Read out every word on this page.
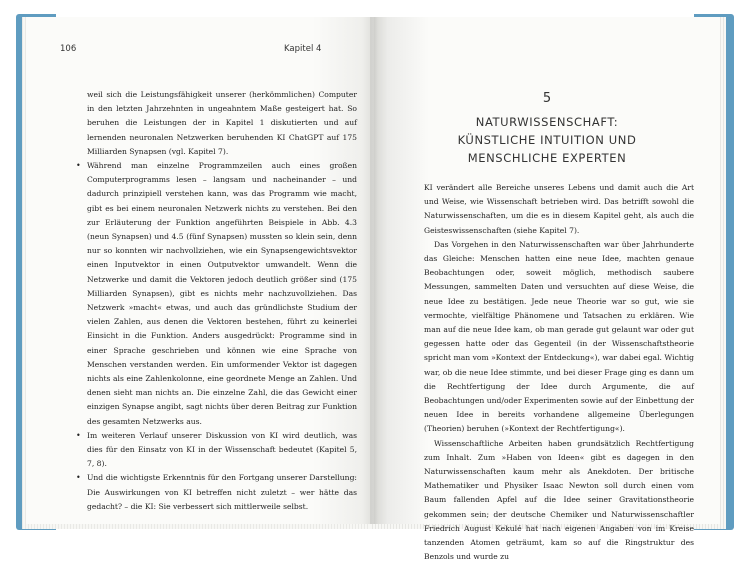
106	Kapitel 4

weil sich die Leistungsfähigkeit unserer (herkömmlichen) Computer in den letzten Jahrzehnten in ungeahntem Maße gesteigert hat. So beruhen die Leistungen der in Kapitel 1 diskutierten und auf lernenden neuronalen Netzwerken beruhenden KI ChatGPT auf 175 Milliarden Synapsen (vgl. Kapitel 7).

• Während man einzelne Programmzeilen auch eines großen Computerprogramms lesen – langsam und nacheinander – und dadurch prinzipiell verstehen kann, was das Programm wie macht, gibt es bei einem neuronalen Netzwerk nichts zu verstehen. Bei den zur Erläuterung der Funktion angeführten Beispiele in Abb. 4.3 (neun Synapsen) und 4.5 (fünf Synapsen) mussten so klein sein, denn nur so konnten wir nachvollziehen, wie ein Synapsengewichtsvektor einen Inputvektor in einen Outputvektor umwandelt. Wenn die Netzwerke und damit die Vektoren jedoch deutlich größer sind (175 Milliarden Synapsen), gibt es nichts mehr nachzuvollziehen. Das Netzwerk »macht« etwas, und auch das gründlichste Studium der vielen Zahlen, aus denen die Vektoren bestehen, führt zu keinerlei Einsicht in die Funktion. Anders ausgedrückt: Programme sind in einer Sprache geschrieben und können wie eine Sprache von Menschen verstanden werden. Ein umformender Vektor ist dagegen nichts als eine Zahlenkolonne, eine geordnete Menge an Zahlen. Und denen sieht man nichts an. Die einzelne Zahl, die das Gewicht einer einzigen Synapse angibt, sagt nichts über deren Beitrag zur Funktion des gesamten Netzwerks aus.
• Im weiteren Verlauf unserer Diskussion von KI wird deutlich, was dies für den Einsatz von KI in der Wissenschaft bedeutet (Kapitel 5, 7, 8).
• Und die wichtigste Erkenntnis für den Fortgang unserer Darstellung: Die Auswirkungen von KI betreffen nicht zuletzt – wer hätte das gedacht? – die KI: Sie verbessert sich mittlerweile selbst.
5
NATURWISSENSCHAFT:
KÜNSTLICHE INTUITION UND
MENSCHLICHE EXPERTEN

KI verändert alle Bereiche unseres Lebens und damit auch die Art und Weise, wie Wissenschaft betrieben wird. Das betrifft sowohl die Naturwissenschaften, um die es in diesem Kapitel geht, als auch die Geisteswissenschaften (siehe Kapitel 7).

Das Vorgehen in den Naturwissenschaften war über Jahrhunderte das Gleiche: Menschen hatten eine neue Idee, machten genaue Beobachtungen oder, soweit möglich, methodisch saubere Messungen, sammelten Daten und versuchten auf diese Weise, die neue Idee zu bestätigen. Jede neue Theorie war so gut, wie sie vermochte, vielfältige Phänomene und Tatsachen zu erklären. Wie man auf die neue Idee kam, ob man gerade gut gelaunt war oder gut gegessen hatte oder das Gegenteil (in der Wissenschaftstheorie spricht man vom »Kontext der Entdeckung«), war dabei egal. Wichtig war, ob die neue Idee stimmte, und bei dieser Frage ging es dann um die Rechtfertigung der Idee durch Argumente, die auf Beobachtungen und/oder Experimenten sowie auf der Einbettung der neuen Idee in bereits vorhandene allgemeine Überlegungen (Theorien) beruhen (»Kontext der Rechtfertigung«).

Wissenschaftliche Arbeiten haben grundsätzlich Rechtfertigung zum Inhalt. Zum »Haben von Ideen« gibt es dagegen in den Naturwissenschaften kaum mehr als Anekdoten. Der britische Mathematiker und Physiker Isaac Newton soll durch einen vom Baum fallenden Apfel auf die Idee seiner Gravitationstheorie gekommen sein; der deutsche Chemiker und Naturwissenschaftler Friedrich August Kekulé hat nach eigenen Angaben von im Kreise tanzenden Atomen geträumt, kam so auf die Ringstruktur des Benzols und wurde zu
